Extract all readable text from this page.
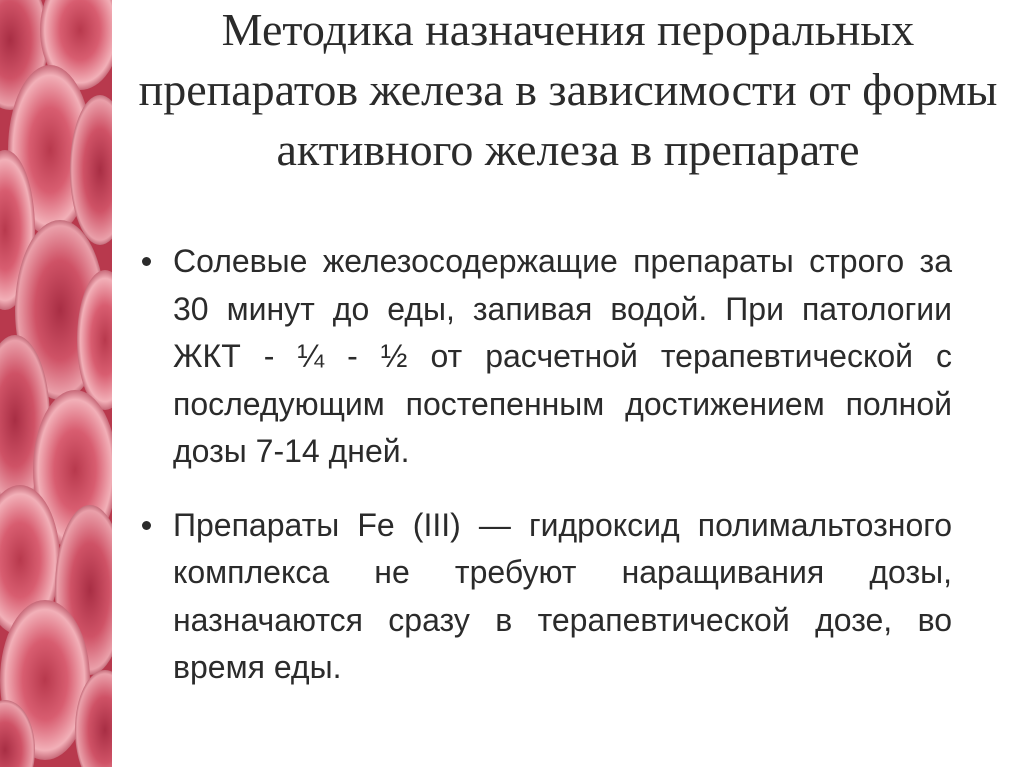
Методика назначения пероральных препаратов железа в зависимости от формы активного железа в препарате
Солевые железосодержащие препараты строго за 30 минут до еды, запивая водой. При патологии ЖКТ - ¼ - ½ от расчетной терапевтической с последующим постепенным достижением полной дозы 7-14 дней.
Препараты Fe (III) — гидроксид полимальтозного комплекса не требуют наращивания дозы, назначаются сразу в терапевтической дозе, во время еды.
